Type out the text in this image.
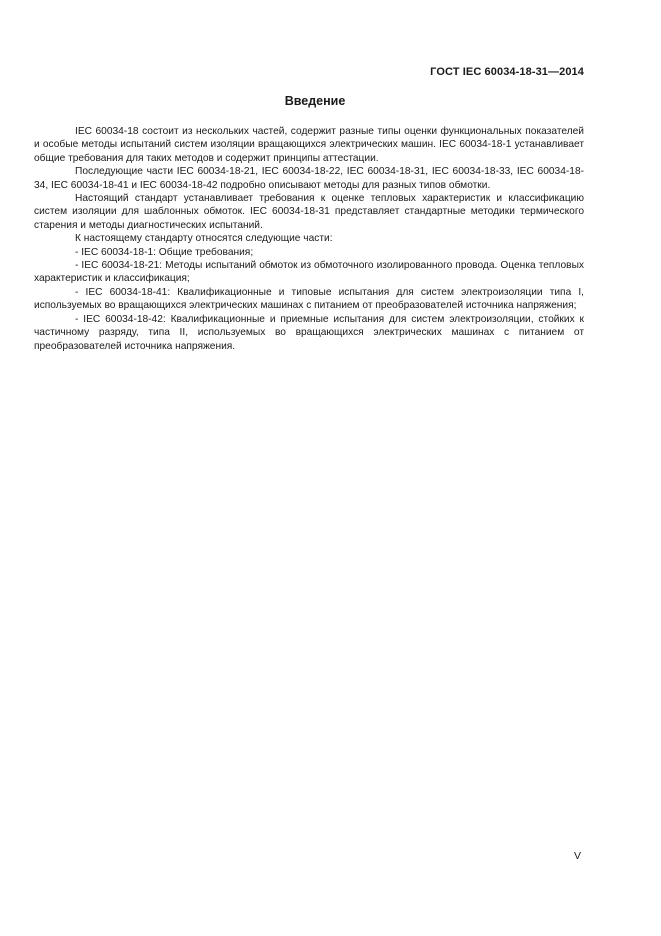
ГОСТ IEC 60034-18-31—2014
Введение

IEC 60034-18 состоит из нескольких частей, содержит разные типы оценки функциональных показателей и особые методы испытаний систем изоляции вращающихся электрических машин. IEC 60034-18-1 устанавливает общие требования для таких методов и содержит принципы аттестации.

Последующие части IEC 60034-18-21, IEC 60034-18-22, IEC 60034-18-31, IEC 60034-18-33, IEC 60034-18-34, IEC 60034-18-41 и IEC 60034-18-42 подробно описывают методы для разных типов обмотки.

Настоящий стандарт устанавливает требования к оценке тепловых характеристик и классификацию систем изоляции для шаблонных обмоток. IEC 60034-18-31 представляет стандартные методики термического старения и методы диагностических испытаний.

К настоящему стандарту относятся следующие части:

- IEC 60034-18-1: Общие требования;

- IEC 60034-18-21: Методы испытаний обмоток из обмоточного изолированного провода. Оценка тепловых характеристик и классификация;

- IEC 60034-18-41: Квалификационные и типовые испытания для систем электроизоляции типа I, используемых во вращающихся электрических машинах с питанием от преобразователей источника напряжения;

- IEC 60034-18-42: Квалификационные и приемные испытания для систем электроизоляции, стойких к частичному разряду, типа II, используемых во вращающихся электрических машинах с питанием от преобразователей источника напряжения.

V
